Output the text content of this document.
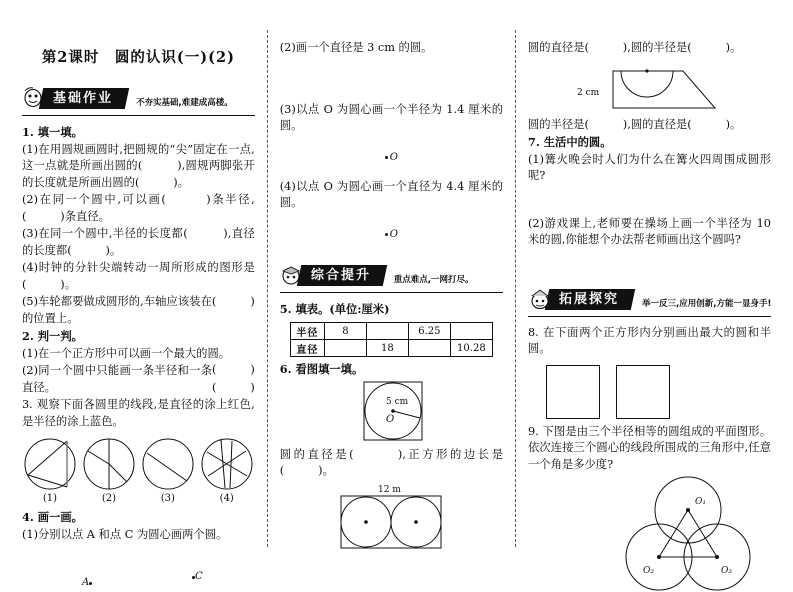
第2课时　圆的认识(一)(2)
基础作业	不夯实基础,难建成高楼。
1. 填一填。
(1)在用圆规画圆时,把圆规的“尖”固定在一点,这一点就是所画出圆的(　　　),圆规两脚张开的长度就是所画出圆的(　　　)。
(2)在同一个圆中,可以画(　　　)条半径,(　　　)条直径。
(3)在同一个圆中,半径的长度都(　　　),直径的长度都(　　　)。
(4)时钟的分针尖端转动一周所形成的图形是(　　　)。
(5)车轮都要做成圆形的,车轴应该装在(　　　)的位置上。
2. 判一判。
(1)在一个正方形中可以画一个最大的圆。
(　　　)
(2)同一个圆中只能画一条半径和一条直径。	(　　　)
3. 观察下面各圆里的线段,是直径的涂上红色,是半径的涂上蓝色。
(1)	(2)	(3)	(4)
4. 画一画。
(1)分别以点 A 和点 C 为圆心画两个圆。
A
C
(2)画一个直径是 3 cm 的圆。
(3)以点 O 为圆心画一个半径为 1.4 厘米的圆。
O
(4)以点 O 为圆心画一个直径为 4.4 厘米的圆。
O
综合提升	重点难点,一网打尽。
5. 填表。(单位:厘米)
半径	8		6.25	
直径		18		10.28
6. 看图填一填。
5 cm
O
圆的直径是(　　　),正方形的边长是(　　　)。
12 m
圆的直径是(　　　),圆的半径是(　　　)。
2 cm
圆的半径是(　　　),圆的直径是(　　　)。
7. 生活中的圆。
(1)篝火晚会时人们为什么在篝火四周围成圆形呢?
(2)游戏课上,老师要在操场上画一个半径为 10 米的圆,你能想个办法帮老师画出这个圆吗?
拓展探究	举一反三,应用创新,方能一显身手!
8. 在下面两个正方形内分别画出最大的圆和半圆。
9. 下图是由三个半径相等的圆组成的平面图形。依次连接三个圆心的线段所围成的三角形中,任意一个角是多少度?
O₁
O₂	O₃
